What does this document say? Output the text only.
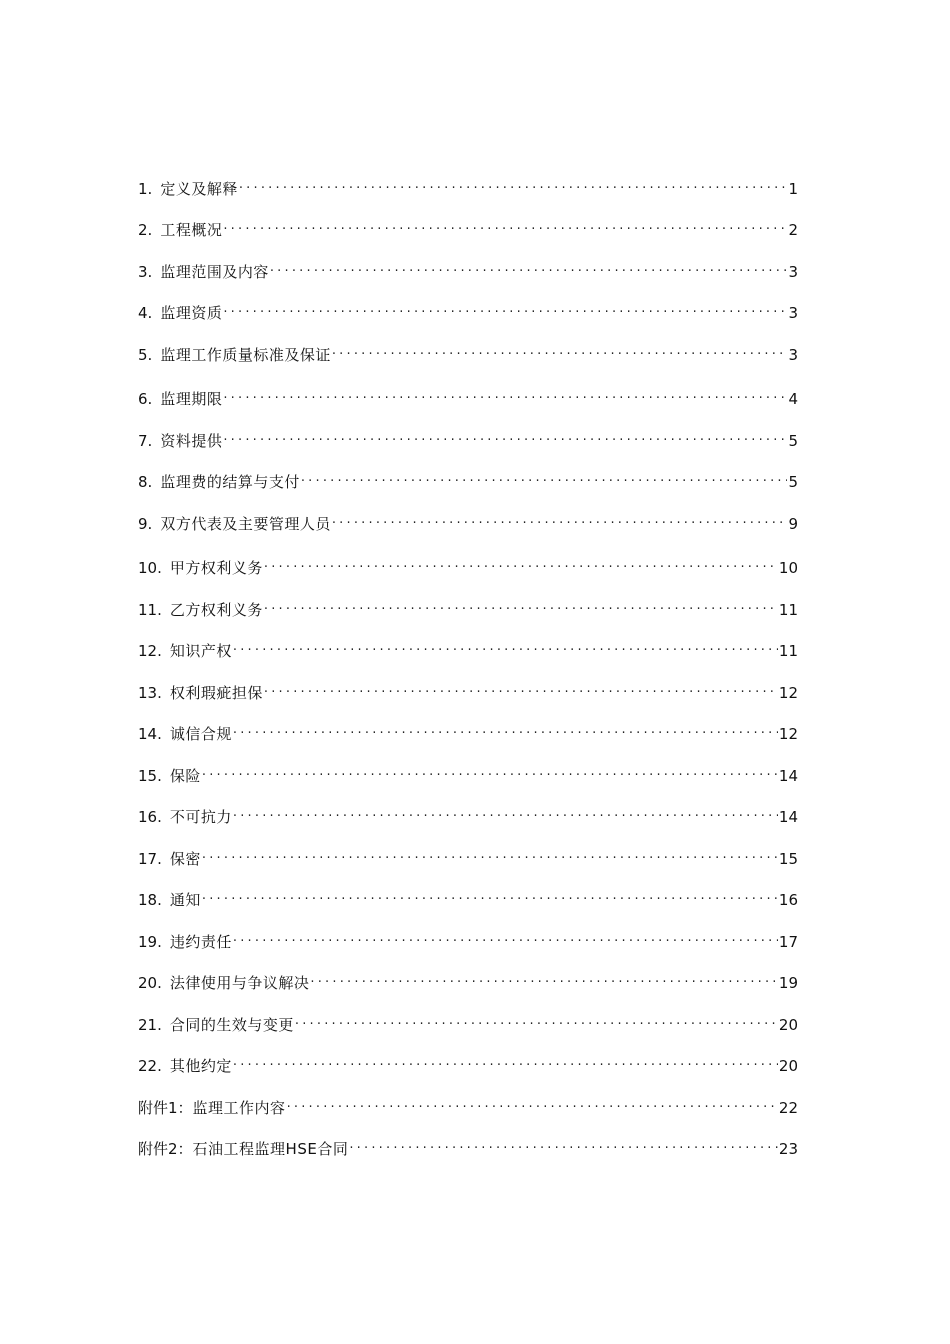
1. 定义及解释 .....	1
2. 工程概况 .....	2
3. 监理范围及内容 .....	3
4. 监理资质 .....	3
5. 监理工作质量标准及保证 .....	3
6. 监理期限 .....	4
7. 资料提供 .....	5
8. 监理费的结算与支付 .....	5
9. 双方代表及主要管理人员 .....	9
10. 甲方权利义务 .....	10
11. 乙方权利义务 .....	11
12. 知识产权 .....	11
13. 权利瑕疵担保 .....	12
14. 诚信合规 .....	12
15. 保险 .....	14
16. 不可抗力 .....	14
17. 保密 .....	15
18. 通知 .....	16
19. 违约责任 .....	17
20. 法律使用与争议解决 .....	19
21. 合同的生效与变更 .....	20
22. 其他约定 .....	20
附件1： 监理工作内容 .....	22
附件2： 石油工程监理HSE合同 .....	23
